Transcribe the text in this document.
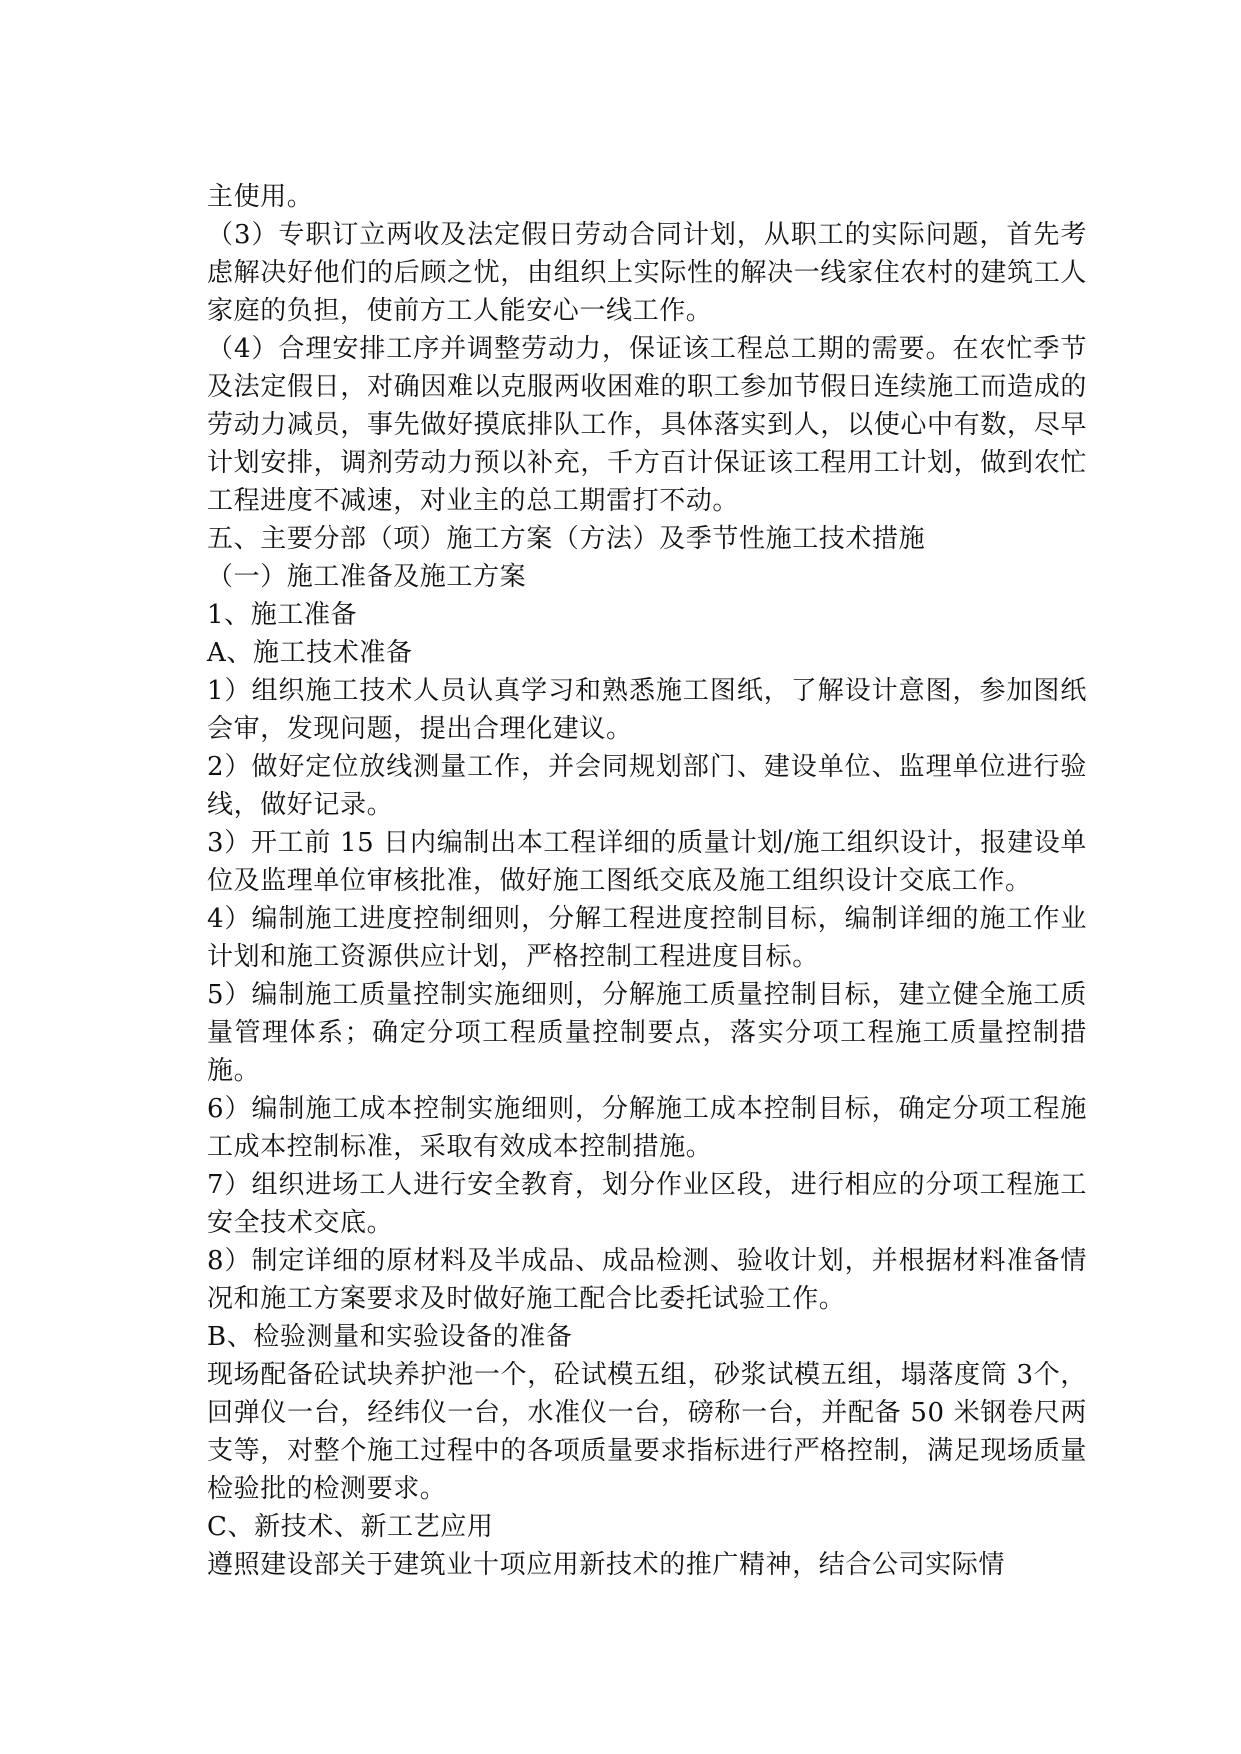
主使用。

（3）专职订立两收及法定假日劳动合同计划，从职工的实际问题，首先考虑解决好他们的后顾之忧，由组织上实际性的解决一线家住农村的建筑工人家庭的负担，使前方工人能安心一线工作。

（4）合理安排工序并调整劳动力，保证该工程总工期的需要。在农忙季节及法定假日，对确因难以克服两收困难的职工参加节假日连续施工而造成的劳动力减员，事先做好摸底排队工作，具体落实到人，以使心中有数，尽早计划安排，调剂劳动力预以补充，千方百计保证该工程用工计划，做到农忙工程进度不减速，对业主的总工期雷打不动。

五、主要分部（项）施工方案（方法）及季节性施工技术措施

（一）施工准备及施工方案

1、施工准备

A、施工技术准备

1）组织施工技术人员认真学习和熟悉施工图纸，了解设计意图，参加图纸会审，发现问题，提出合理化建议。

2）做好定位放线测量工作，并会同规划部门、建设单位、监理单位进行验线，做好记录。

3）开工前 15 日内编制出本工程详细的质量计划/施工组织设计，报建设单位及监理单位审核批准，做好施工图纸交底及施工组织设计交底工作。

4）编制施工进度控制细则，分解工程进度控制目标，编制详细的施工作业计划和施工资源供应计划，严格控制工程进度目标。

5）编制施工质量控制实施细则，分解施工质量控制目标，建立健全施工质量管理体系；确定分项工程质量控制要点，落实分项工程施工质量控制措施。

6）编制施工成本控制实施细则，分解施工成本控制目标，确定分项工程施工成本控制标准，采取有效成本控制措施。

7）组织进场工人进行安全教育，划分作业区段，进行相应的分项工程施工安全技术交底。

8）制定详细的原材料及半成品、成品检测、验收计划，并根据材料准备情况和施工方案要求及时做好施工配合比委托试验工作。

B、检验测量和实验设备的准备

现场配备砼试块养护池一个，砼试模五组，砂浆试模五组，塌落度筒 3个，回弹仪一台，经纬仪一台，水准仪一台，磅称一台，并配备 50 米钢卷尺两支等，对整个施工过程中的各项质量要求指标进行严格控制，满足现场质量检验批的检测要求。

C、新技术、新工艺应用

遵照建设部关于建筑业十项应用新技术的推广精神，结合公司实际情
